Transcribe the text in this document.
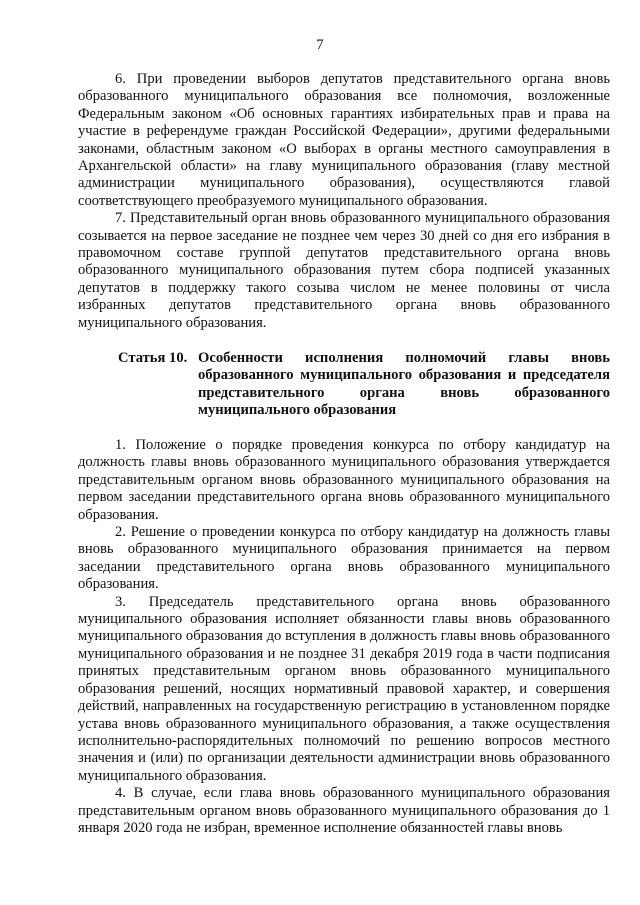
7

6. При проведении выборов депутатов представительного органа вновь образованного муниципального образования все полномочия, возложенные Федеральным законом «Об основных гарантиях избирательных прав и права на участие в референдуме граждан Российской Федерации», другими федеральными законами, областным законом «О выборах в органы местного самоуправления в Архангельской области» на главу муниципального образования (главу местной администрации муниципального образования), осуществляются главой соответствующего преобразуемого муниципального образования.

7. Представительный орган вновь образованного муниципального образования созывается на первое заседание не позднее чем через 30 дней со дня его избрания в правомочном составе группой депутатов представительного органа вновь образованного муниципального образования путем сбора подписей указанных депутатов в поддержку такого созыва числом не менее половины от числа избранных депутатов представительного органа вновь образованного муниципального образования.

Статья 10. Особенности исполнения полномочий главы вновь образованного муниципального образования и председателя представительного органа вновь образованного муниципального образования

1. Положение о порядке проведения конкурса по отбору кандидатур на должность главы вновь образованного муниципального образования утверждается представительным органом вновь образованного муниципального образования на первом заседании представительного органа вновь образованного муниципального образования.

2. Решение о проведении конкурса по отбору кандидатур на должность главы вновь образованного муниципального образования принимается на первом заседании представительного органа вновь образованного муниципального образования.

3. Председатель представительного органа вновь образованного муниципального образования исполняет обязанности главы вновь образованного муниципального образования до вступления в должность главы вновь образованного муниципального образования и не позднее 31 декабря 2019 года в части подписания принятых представительным органом вновь образованного муниципального образования решений, носящих нормативный правовой характер, и совершения действий, направленных на государственную регистрацию в установленном порядке устава вновь образованного муниципального образования, а также осуществления исполнительно-распорядительных полномочий по решению вопросов местного значения и (или) по организации деятельности администрации вновь образованного муниципального образования.

4. В случае, если глава вновь образованного муниципального образования представительным органом вновь образованного муниципального образования до 1 января 2020 года не избран, временное исполнение обязанностей главы вновь
